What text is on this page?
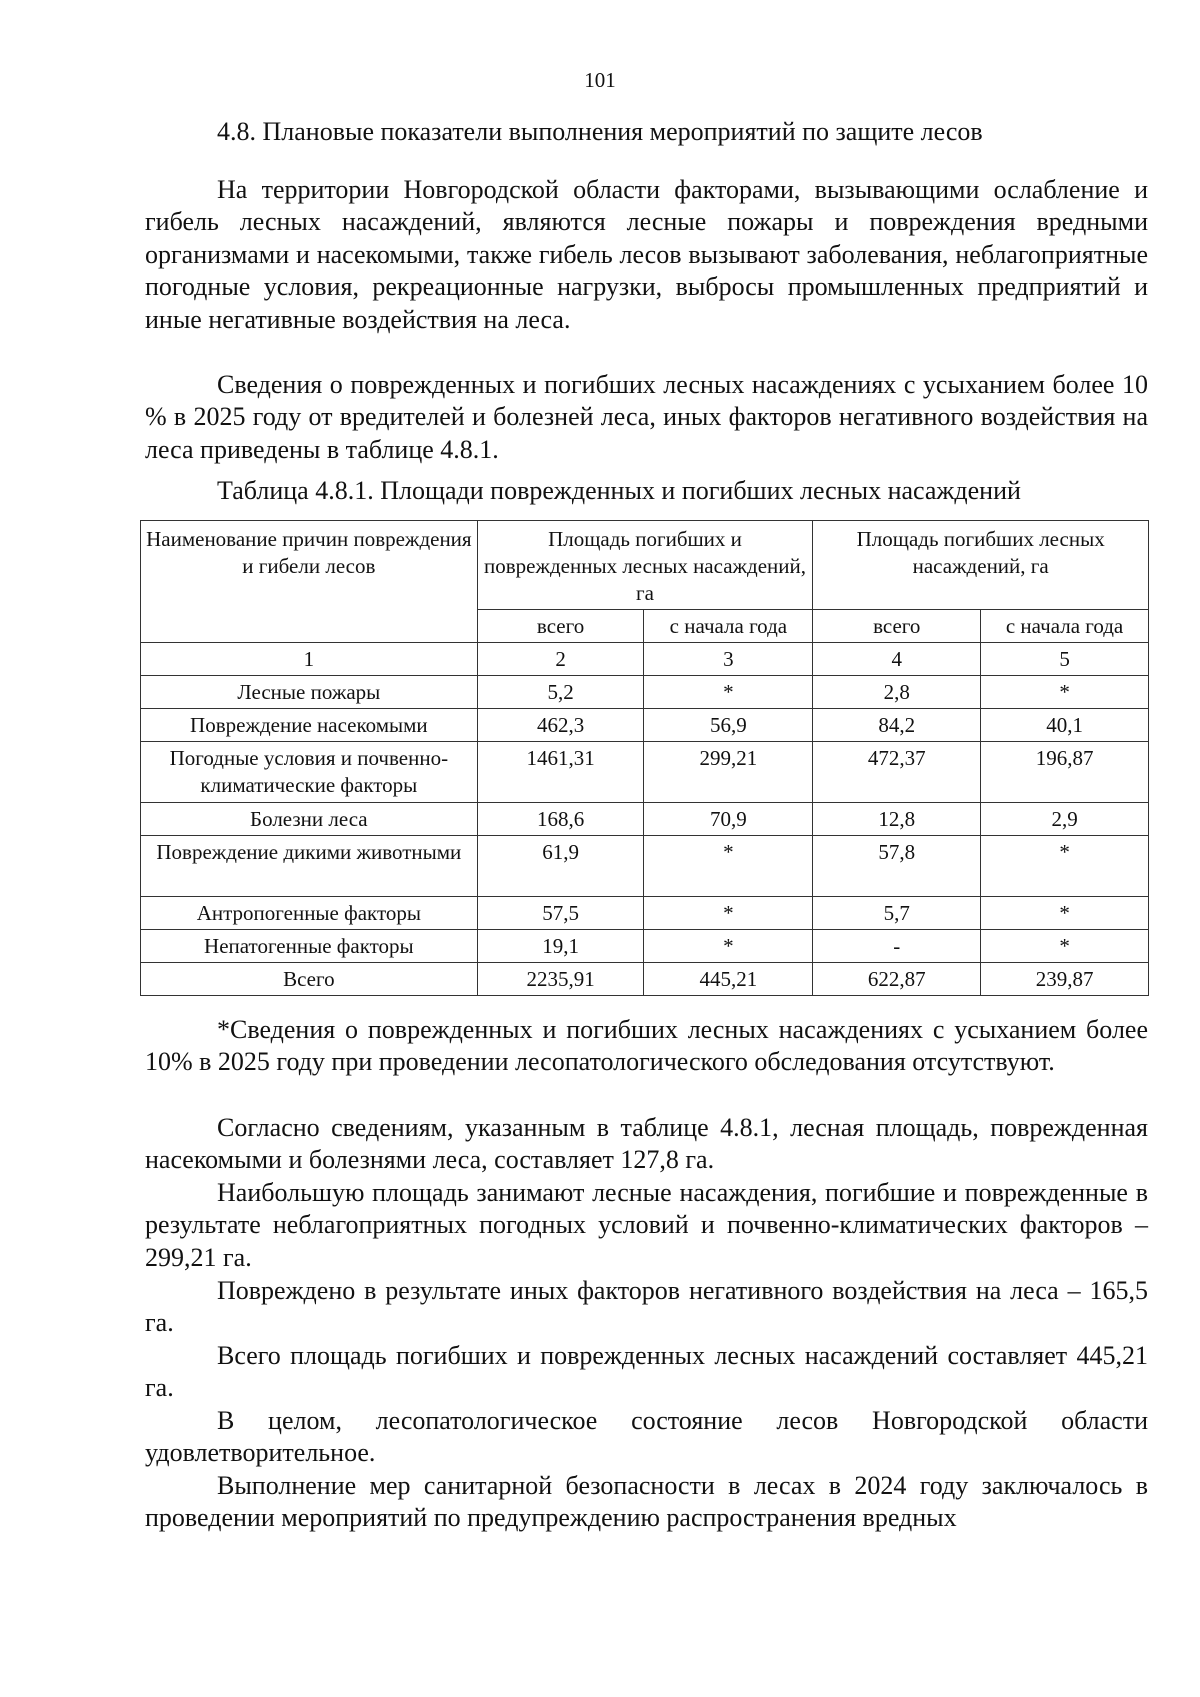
101
4.8. Плановые показатели выполнения мероприятий по защите лесов

На территории Новгородской области факторами, вызывающими ослабление и гибель лесных насаждений, являются лесные пожары и повреждения вредными организмами и насекомыми, также гибель лесов вызывают заболевания, неблагоприятные погодные условия, рекреационные нагрузки, выбросы промышленных предприятий и иные негативные воздействия на леса.

Сведения о поврежденных и погибших лесных насаждениях с усыханием более 10 % в 2025 году от вредителей и болезней леса, иных факторов негативного воздействия на леса приведены в таблице 4.8.1.

Таблица 4.8.1. Площади поврежденных и погибших лесных насаждений
Наименование причин повреждения и гибели лесов	Площадь погибших и поврежденных лесных насаждений, га		Площадь погибших лесных насаждений, га	
	всего	с начала года	всего	с начала года
1	2	3	4	5
Лесные пожары	5,2	*	2,8	*
Повреждение насекомыми	462,3	56,9	84,2	40,1
Погодные условия и почвенно-климатические факторы	1461,31	299,21	472,37	196,87
Болезни леса	168,6	70,9	12,8	2,9
Повреждение дикими животными	61,9	*	57,8	*
Антропогенные факторы	57,5	*	5,7	*
Непатогенные факторы	19,1	*	-	*
Всего	2235,91	445,21	622,87	239,87

*Сведения о поврежденных и погибших лесных насаждениях с усыханием более 10% в 2025 году при проведении лесопатологического обследования отсутствуют.

Согласно сведениям, указанным в таблице 4.8.1, лесная площадь, поврежденная насекомыми и болезнями леса, составляет 127,8 га.

Наибольшую площадь занимают лесные насаждения, погибшие и поврежденные в результате неблагоприятных погодных условий и почвенно-климатических факторов – 299,21 га.

Повреждено в результате иных факторов негативного воздействия на леса – 165,5 га.

Всего площадь погибших и поврежденных лесных насаждений составляет 445,21 га.

В целом, лесопатологическое состояние лесов Новгородской области удовлетворительное.

Выполнение мер санитарной безопасности в лесах в 2024 году заключалось в проведении мероприятий по предупреждению распространения вредных
